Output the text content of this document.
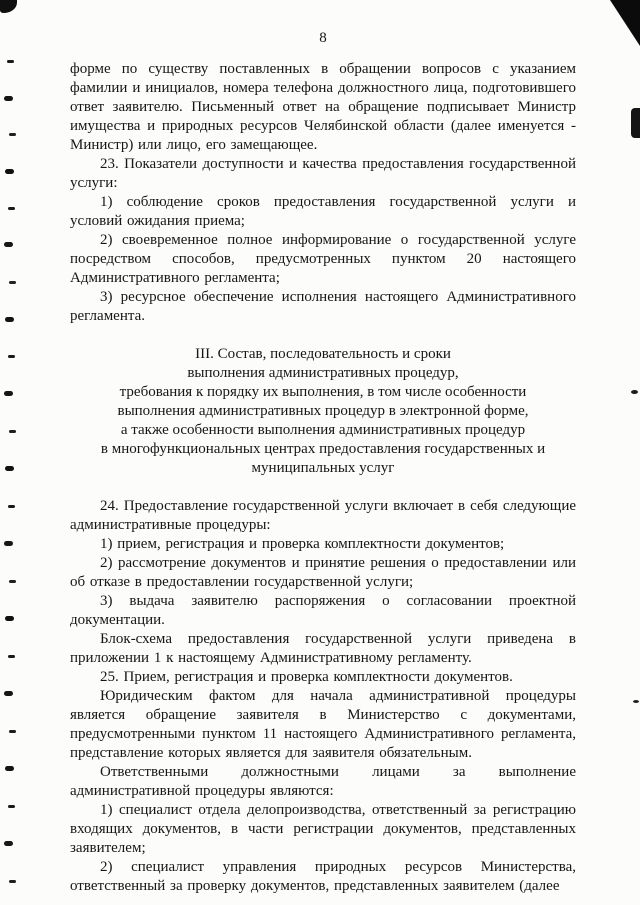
8

форме по существу поставленных в обращении вопросов с указанием фамилии и инициалов, номера телефона должностного лица, подготовившего ответ заявителю. Письменный ответ на обращение подписывает Министр имущества и природных ресурсов Челябинской области (далее именуется - Министр) или лицо, его замещающее.

23. Показатели доступности и качества предоставления государственной услуги:

1) соблюдение сроков предоставления государственной услуги и условий ожидания приема;

2) своевременное полное информирование о государственной услуге посредством способов, предусмотренных пунктом 20 настоящего Административного регламента;

3) ресурсное обеспечение исполнения настоящего Административного регламента.

III. Состав, последовательность и сроки
выполнения административных процедур,
требования к порядку их выполнения, в том числе особенности
выполнения административных процедур в электронной форме,
а также особенности выполнения административных процедур
в многофункциональных центрах предоставления государственных и
муниципальных услуг

24. Предоставление государственной услуги включает в себя следующие административные процедуры:

1) прием, регистрация и проверка комплектности документов;

2) рассмотрение документов и принятие решения о предоставлении или об отказе в предоставлении государственной услуги;

3) выдача заявителю распоряжения о согласовании проектной документации.

Блок-схема предоставления государственной услуги приведена в приложении 1 к настоящему Административному регламенту.

25. Прием, регистрация и проверка комплектности документов.

Юридическим фактом для начала административной процедуры является обращение заявителя в Министерство с документами, предусмотренными пунктом 11 настоящего Административного регламента, представление которых является для заявителя обязательным.

Ответственными должностными лицами за выполнение административной процедуры являются:

1) специалист отдела делопроизводства, ответственный за регистрацию входящих документов, в части регистрации документов, представленных заявителем;

2) специалист управления природных ресурсов Министерства, ответственный за проверку документов, представленных заявителем (далее
